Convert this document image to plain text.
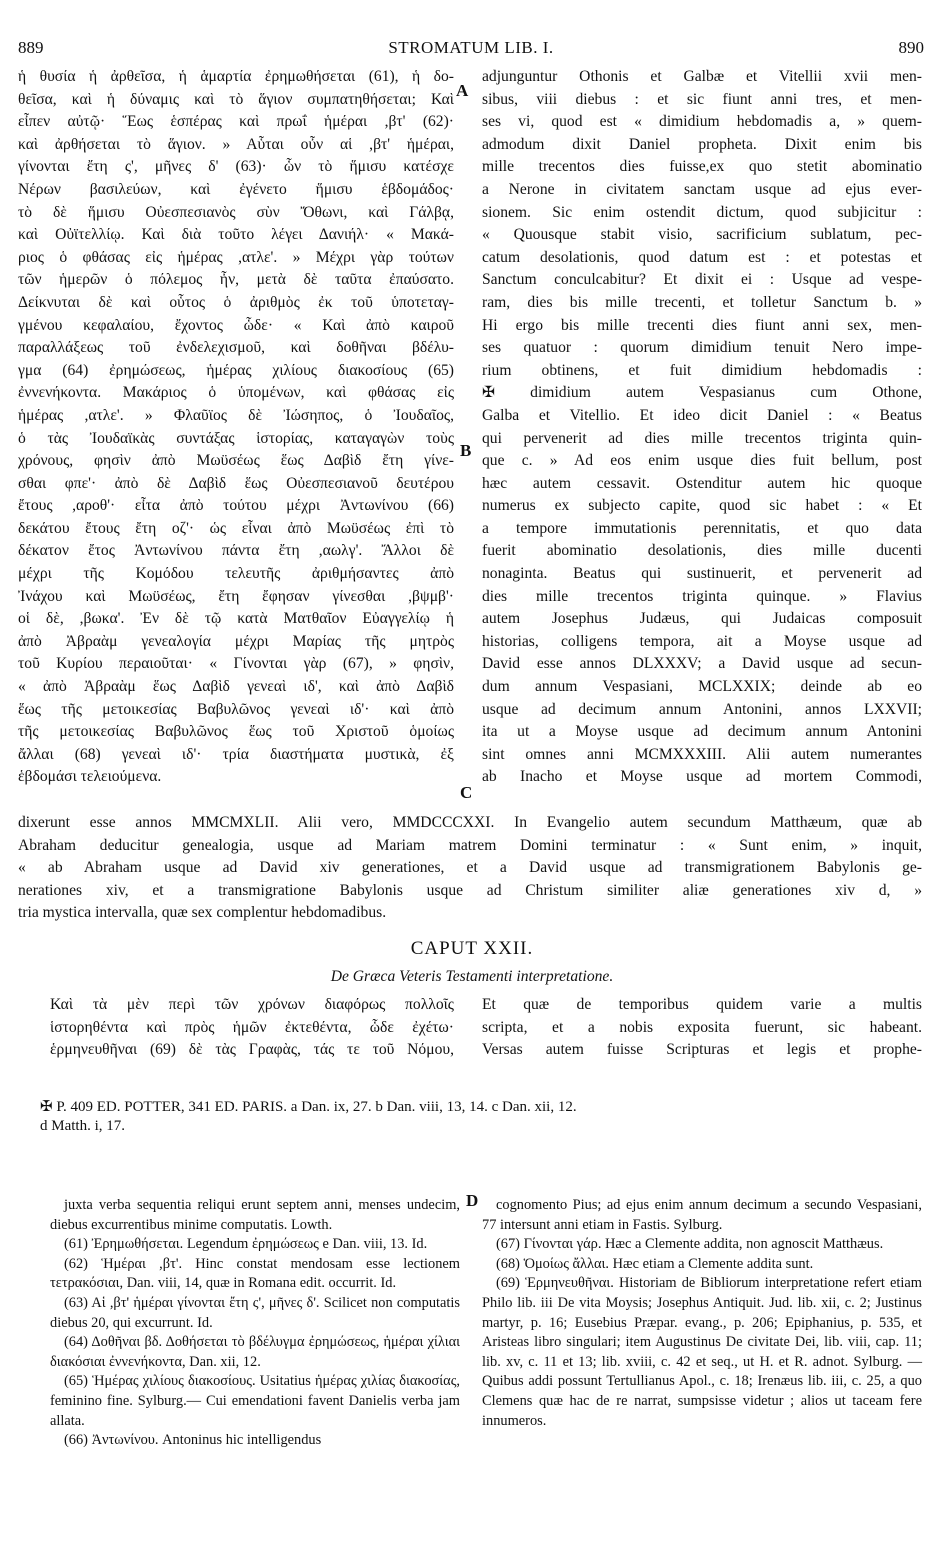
889	STROMATUM LIB. I.	890
A
B
C
D
ἡ θυσία ἡ ἀρθεῖσα, ἡ ἁμαρτία ἐρημωθήσεται (61), ἡ δο-
θεῖσα, καὶ ἡ δύναμις καὶ τὸ ἅγιον συμπατηθήσεται; Καὶ
εἶπεν αὐτῷ· Ἕως ἑσπέρας καὶ πρωΐ ἡμέραι ,βτ' (62)·
καὶ ἀρθήσεται τὸ ἅγιον. » Αὗται οὖν αἱ ,βτ' ἡμέραι,
γίνονται ἔτη ς', μῆνες δ' (63)· ὧν τὸ ἥμισυ κατέσχε
Νέρων βασιλεύων, καὶ ἐγένετο ἥμισυ ἑβδομάδος·
τὸ δὲ ἥμισυ Οὐεσπεσιανὸς σὺν Ὄθωνι, καὶ Γάλβᾳ,
καὶ Οὐϊτελλίῳ. Καὶ διὰ τοῦτο λέγει Δανιήλ· « Μακά-
ριος ὁ φθάσας εἰς ἡμέρας ,ατλε'. » Μέχρι γὰρ τούτων
τῶν ἡμερῶν ὁ πόλεμος ἦν, μετὰ δὲ ταῦτα ἐπαύσατο.
Δείκνυται δὲ καὶ οὗτος ὁ ἀριθμὸς ἐκ τοῦ ὑποτεταγ-
γμένου κεφαλαίου, ἔχοντος ὧδε· « Καὶ ἀπὸ καιροῦ
παραλλάξεως τοῦ ἐνδελεχισμοῦ, καὶ δοθῆναι βδέλυ-
γμα (64) ἐρημώσεως, ἡμέρας χιλίους διακοσίους (65)
ἐννενήκοντα. Μακάριος ὁ ὑπομένων, καὶ φθάσας εἰς
ἡμέρας ,ατλε'. » Φλαῦϊος δὲ Ἰώσηπος, ὁ Ἰουδαῖος,
ὁ τὰς Ἰουδαϊκὰς συντάξας ἱστορίας, καταγαγὼν τοὺς
χρόνους, φησὶν ἀπὸ Μωϋσέως ἕως Δαβὶδ ἔτη γίνε-
σθαι φπε'· ἀπὸ δὲ Δαβὶδ ἕως Οὐεσπεσιανοῦ δευτέρου
ἔτους ,αροθ'· εἶτα ἀπὸ τούτου μέχρι Ἀντωνίνου (66)
δεκάτου ἔτους ἔτη οζ'· ὡς εἶναι ἀπὸ Μωϋσέως ἐπὶ τὸ
δέκατον ἔτος Ἀντωνίνου πάντα ἔτη ,αωλγ'. Ἄλλοι δὲ
μέχρι τῆς Κομόδου τελευτῆς ἀριθμήσαντες ἀπὸ
Ἰνάχου καὶ Μωϋσέως, ἔτη ἔφησαν γίνεσθαι ,βψμβ'·
οἱ δὲ, ,βωκα'. Ἐν δὲ τῷ κατὰ Ματθαῖον Εὐαγγελίῳ ἡ
ἀπὸ Ἀβραὰμ γενεαλογία μέχρι Μαρίας τῆς μητρὸς
τοῦ Κυρίου περαιοῦται· « Γίνονται γὰρ (67), » φησὶν,
« ἀπὸ Ἀβραὰμ ἕως Δαβὶδ γενεαὶ ιδ', καὶ ἀπὸ Δαβὶδ
ἕως τῆς μετοικεσίας Βαβυλῶνος γενεαὶ ιδ'· καὶ ἀπὸ
τῆς μετοικεσίας Βαβυλῶνος ἕως τοῦ Χριστοῦ ὁμοίως
ἄλλαι (68) γενεαὶ ιδ'· τρία διαστήματα μυστικὰ, ἐξ
ἑβδομάσι τελειούμενα.
adjunguntur Othonis et Galbæ et Vitellii xvii men-
sibus, viii diebus : et sic fiunt anni tres, et men-
ses vi, quod est « dimidium hebdomadis a, » quem-
admodum dixit Daniel propheta. Dixit enim bis
mille trecentos dies fuisse,ex quo stetit abominatio
a Nerone in civitatem sanctam usque ad ejus ever-
sionem. Sic enim ostendit dictum, quod subjicitur :
« Quousque stabit visio, sacrificium sublatum, pec-
catum desolationis, quod datum est : et potestas et
Sanctum conculcabitur? Et dixit ei : Usque ad vespe-
ram, dies bis mille trecenti, et tolletur Sanctum b. »
Hi ergo bis mille trecenti dies fiunt anni sex, men-
ses quatuor : quorum dimidium tenuit Nero impe-
rium obtinens, et fuit dimidium hebdomadis :
✠ dimidium autem Vespasianus cum Othone,
Galba et Vitellio. Et ideo dicit Daniel : « Beatus
qui pervenerit ad dies mille trecentos triginta quin-
que c. » Ad eos enim usque dies fuit bellum, post
hæc autem cessavit. Ostenditur autem hic quoque
numerus ex subjecto capite, quod sic habet : « Et
a tempore immutationis perennitatis, et quo data
fuerit abominatio desolationis, dies mille ducenti
nonaginta. Beatus qui sustinuerit, et pervenerit ad
dies mille trecentos triginta quinque. » Flavius
autem Josephus Judæus, qui Judaicas composuit
historias, colligens tempora, ait a Moyse usque ad
David esse annos DLXXXV; a David usque ad secun-
dum annum Vespasiani, MCLXXIX; deinde ab eo
usque ad decimum annum Antonini, annos LXXVII;
ita ut a Moyse usque ad decimum annum Antonini
sint omnes anni MCMXXXIII. Alii autem numerantes
ab Inacho et Moyse usque ad mortem Commodi,
dixerunt esse annos MMCMXLII. Alii vero, MMDCCCXXI. In Evangelio autem secundum Matthæum, quæ ab
Abraham deducitur genealogia, usque ad Mariam matrem Domini terminatur : « Sunt enim, » inquit,
« ab Abraham usque ad David xiv generationes, et a David usque ad transmigrationem Babylonis ge-
nerationes xiv, et a transmigratione Babylonis usque ad Christum similiter aliæ generationes xiv d, »
tria mystica intervalla, quæ sex complentur hebdomadibus.
CAPUT XXII.
De Græca Veteris Testamenti interpretatione.
Καὶ τὰ μὲν περὶ τῶν χρόνων διαφόρως πολλοῖς
ἱστορηθέντα καὶ πρὸς ἡμῶν ἐκτεθέντα, ὧδε ἐχέτω·
ἑρμηνευθῆναι (69) δὲ τὰς Γραφὰς, τάς τε τοῦ Νόμου,
Et quæ de temporibus quidem varie a multis
scripta, et a nobis exposita fuerunt, sic habeant.
Versas autem fuisse Scripturas et legis et prophe-
✠ P. 409 ED. POTTER, 341 ED. PARIS. a Dan. ix, 27. b Dan. viii, 13, 14. c Dan. xii, 12.
d Matth. i, 17.

juxta verba sequentia reliqui erunt septem anni, menses undecim, diebus excurrentibus minime computatis. Lowth.

(61) Ἐρημωθήσεται. Legendum ἐρημώσεως e Dan. viii, 13. Id.

(62) Ἡμέραι ,βτ'. Hinc constat mendosam esse lectionem τετρακόσιαι, Dan. viii, 14, quæ in Romana edit. occurrit. Id.

(63) Αἱ ,βτ' ἡμέραι γίνονται ἔτη ς', μῆνες δ'. Scilicet non computatis diebus 20, qui excurrunt. Id.

(64) Δοθῆναι βδ. Δοθήσεται τὸ βδέλυγμα ἐρημώσεως, ἡμέραι χίλιαι διακόσιαι ἐννενήκοντα, Dan. xii, 12.

(65) Ἡμέρας χιλίους διακοσίους. Usitatius ἡμέρας χιλίας διακοσίας, feminino fine. Sylburg.— Cui emendationi favent Danielis verba jam allata.

(66) Ἀντωνίνου. Antoninus hic intelligendus

cognomento Pius; ad ejus enim annum decimum a secundo Vespasiani, 77 intersunt anni etiam in Fastis. Sylburg.

(67) Γίνονται γάρ. Hæc a Clemente addita, non agnoscit Matthæus.

(68) Ὁμοίως ἄλλαι. Hæc etiam a Clemente addita sunt.

(69) Ἑρμηνευθῆναι. Historiam de Bibliorum interpretatione refert etiam Philo lib. iii De vita Moysis; Josephus Antiquit. Jud. lib. xii, c. 2; Justinus martyr, p. 16; Eusebius Præpar. evang., p. 206; Epiphanius, p. 535, et Aristeas libro singulari; item Augustinus De civitate Dei, lib. viii, cap. 11; lib. xv, c. 11 et 13; lib. xviii, c. 42 et seq., ut H. et R. adnot. Sylburg. — Quibus addi possunt Tertullianus Apol., c. 18; Irenæus lib. iii, c. 25, a quo Clemens quæ hac de re narrat, sumpsisse videtur ; alios ut taceam fere innumeros.
